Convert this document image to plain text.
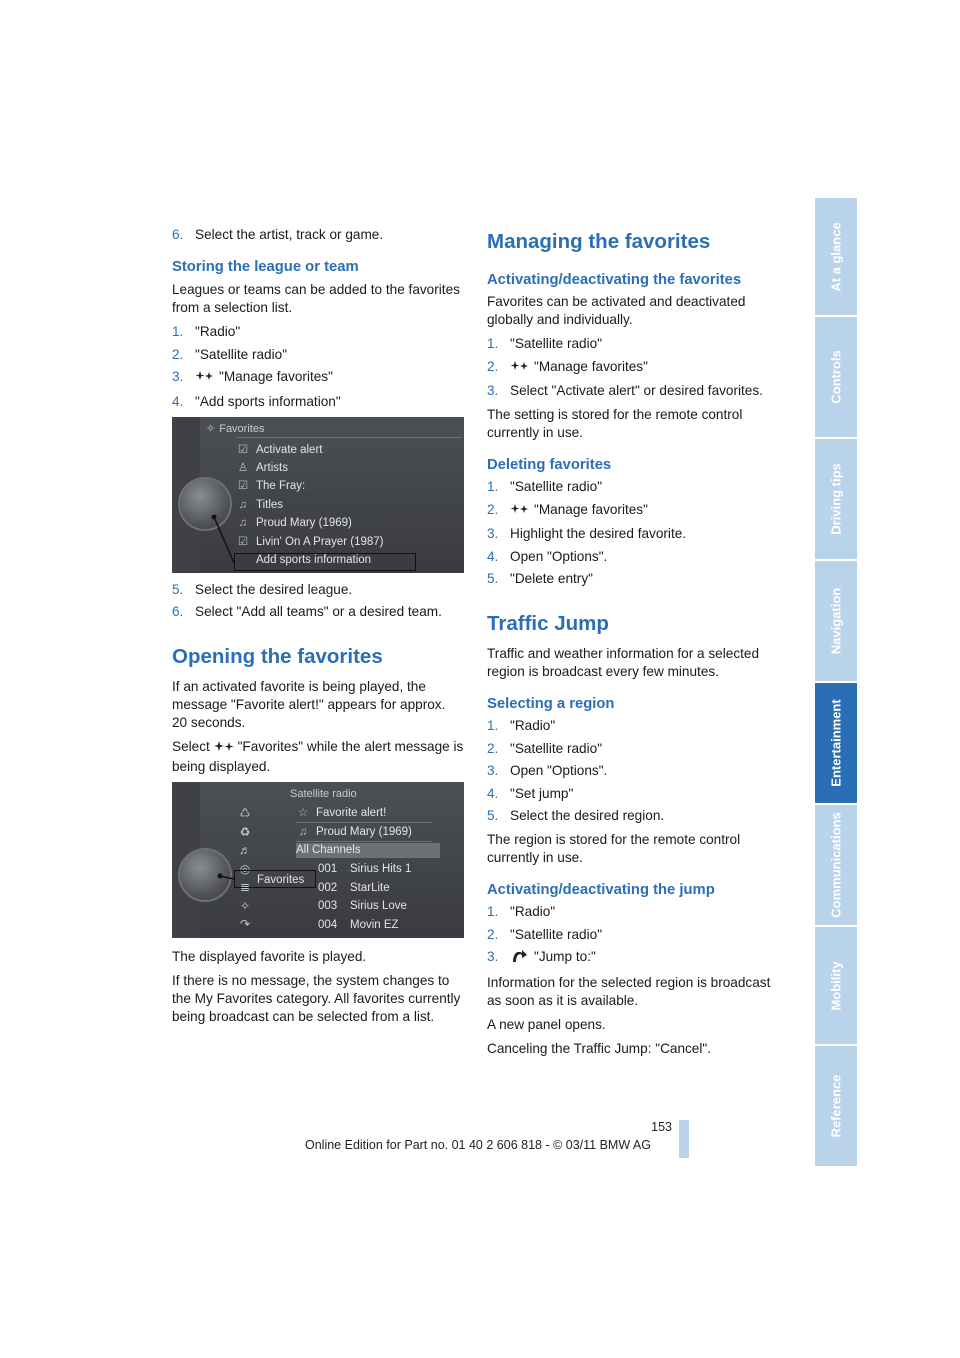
6. Select the artist, track or game.
Storing the league or team

Leagues or teams can be added to the favorites from a selection list.

1. "Radio"
2. "Satellite radio"
3.	"Manage favorites"
4. "Add sports information"
✧ Favorites
☑ Activate alert
♙ Artists
☑ The Fray:
♫ Titles
♫ Proud Mary (1969)
☑ Livin' On A Prayer (1987)
Add sports information
5. Select the desired league.
6. Select "Add all teams" or a desired team.
Opening the favorites

If an activated favorite is being played, the message "Favorite alert!" appears for approx. 20 seconds.

Select "Favorites" while the alert message is being displayed.

Satellite radio
♺
♻
♬
◎
≣
✧
↷
☆ Favorite alert!
♫ Proud Mary (1969)
All Channels
Favorites
001 Sirius Hits 1
002 StarLite
003 Sirius Love
004 Movin EZ

The displayed favorite is played.

If there is no message, the system changes to the My Favorites category. All favorites currently being broadcast can be selected from a list.

Managing the favorites
Activating/deactivating the favorites

Favorites can be activated and deactivated globally and individually.

1. "Satellite radio"
2.	"Manage favorites"
3. Select "Activate alert" or desired favorites.

The setting is stored for the remote control currently in use.

Deleting favorites
1. "Satellite radio"
2.	"Manage favorites"
3. Highlight the desired favorite.
4. Open "Options".
5. "Delete entry"
Traffic Jump

Traffic and weather information for a selected region is broadcast every few minutes.

Selecting a region
1. "Radio"
2. "Satellite radio"
3. Open "Options".
4. "Set jump"
5. Select the desired region.

The region is stored for the remote control currently in use.

Activating/deactivating the jump
1. "Radio"
2. "Satellite radio"
3.	"Jump to:"

Information for the selected region is broadcast as soon as it is available.

A new panel opens.

Canceling the Traffic Jump: "Cancel".

At a glance
Controls
Driving tips
Navigation
Entertainment
Communications
Mobility
Reference
153
Online Edition for Part no. 01 40 2 606 818 - © 03/11 BMW AG
